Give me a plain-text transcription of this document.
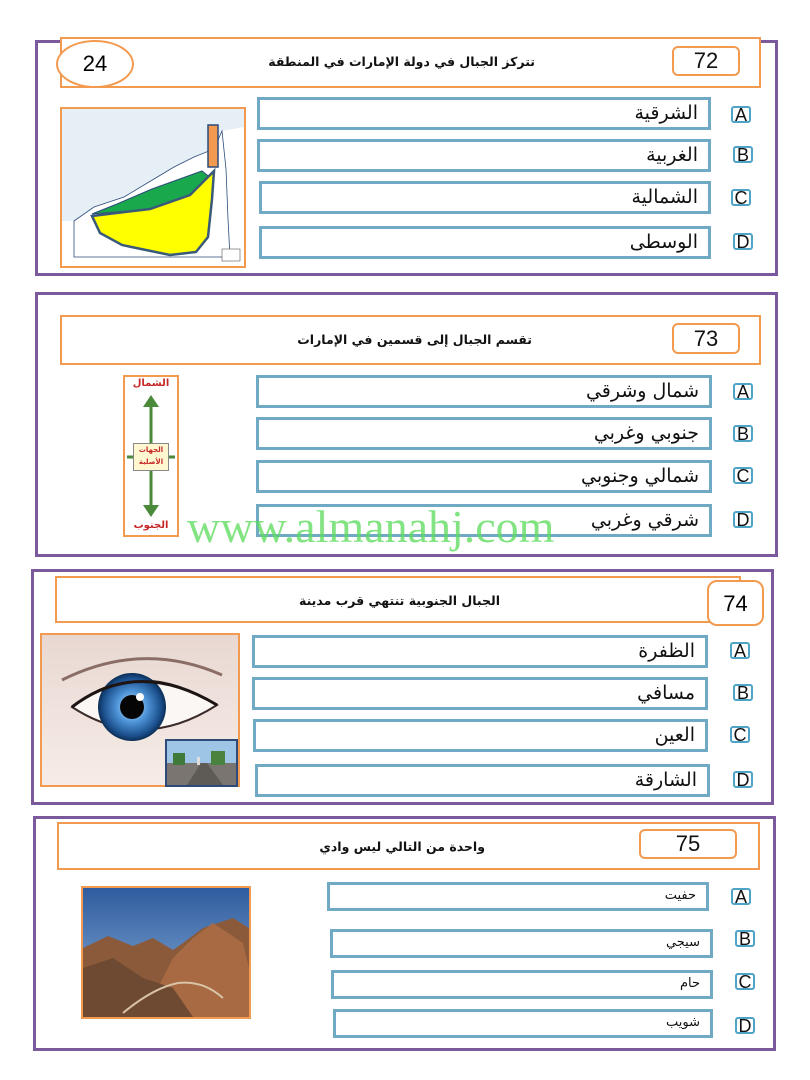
تتركز الجبال في دولة الإمارات في المنطقة	72
24
الشرقية	A
الغربية	B
الشمالية	C
الوسطى	D
تقسم الجبال إلى قسمين في الإمارات	73
الشمال
الجهات الأصلية
الجنوب
شمال وشرقي	A
جنوبي وغربي	B
شمالي وجنوبي	C
شرقي وغربي	D
www.almanahj.com
الجبال الجنوبية تنتهي قرب مدينة	74
الظفرة	A
مسافي	B
العين	C
الشارقة	D
واحدة من التالي ليس وادي	75
حفيت	A
سيجي	B
حام	C
شويب	D
